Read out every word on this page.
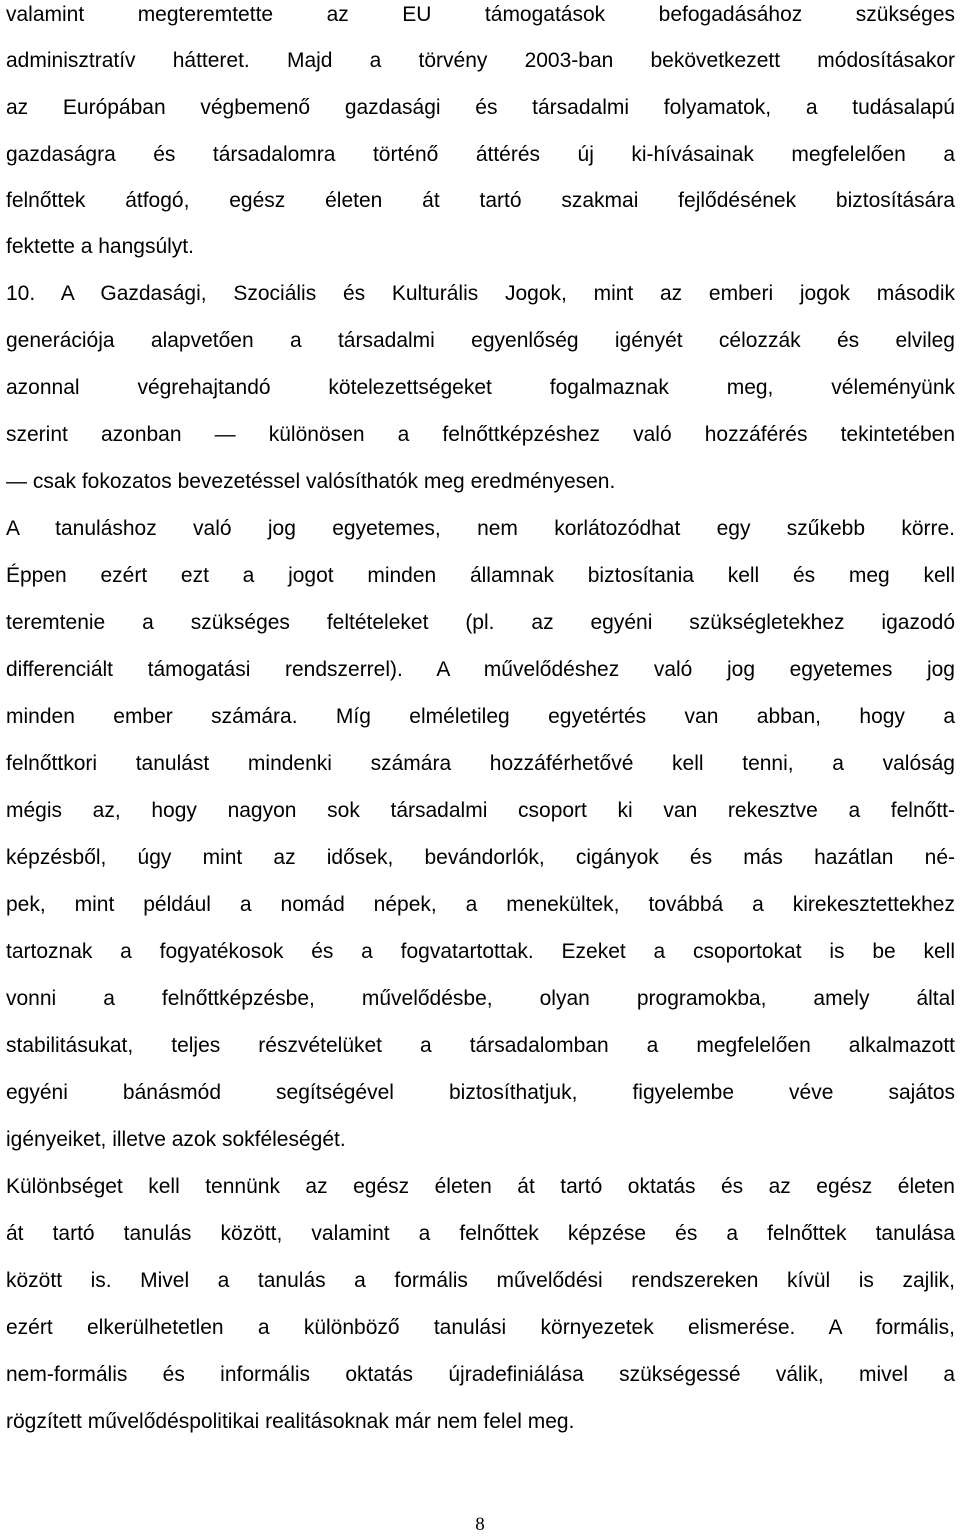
valamint megteremtette az EU támogatások befogadásához szükséges
adminisztratív hátteret. Majd a törvény 2003-ban bekövetkezett módosításakor
az Európában végbemenő gazdasági és társadalmi folyamatok, a tudásalapú
gazdaságra és társadalomra történő áttérés új ki-hívásainak megfelelően a
felnőttek átfogó, egész életen át tartó szakmai fejlődésének biztosítására
fektette a hangsúlyt.
10. A Gazdasági, Szociális és Kulturális Jogok, mint az emberi jogok második
generációja alapvetően a társadalmi egyenlőség igényét célozzák és elvileg
azonnal végrehajtandó kötelezettségeket fogalmaznak meg, véleményünk
szerint azonban — különösen a felnőttképzéshez való hozzáférés tekintetében
— csak fokozatos bevezetéssel valósíthatók meg eredményesen.
A tanuláshoz való jog egyetemes, nem korlátozódhat egy szűkebb körre.
Éppen ezért ezt a jogot minden államnak biztosítania kell és meg kell
teremtenie a szükséges feltételeket (pl. az egyéni szükségletekhez igazodó
differenciált támogatási rendszerrel). A művelődéshez való jog egyetemes jog
minden ember számára. Míg elméletileg egyetértés van abban, hogy a
felnőttkori tanulást mindenki számára hozzáférhetővé kell tenni, a valóság
mégis az, hogy nagyon sok társadalmi csoport ki van rekesztve a felnőtt-
képzésből, úgy mint az idősek, bevándorlók, cigányok és más hazátlan né-
pek, mint például a nomád népek, a menekültek, továbbá a kirekesztettekhez
tartoznak a fogyatékosok és a fogvatartottak. Ezeket a csoportokat is be kell
vonni a felnőttképzésbe, művelődésbe, olyan programokba, amely által
stabilitásukat, teljes részvételüket a társadalomban a megfelelően alkalmazott
egyéni bánásmód segítségével biztosíthatjuk, figyelembe véve sajátos
igényeiket, illetve azok sokféleségét.
Különbséget kell tennünk az egész életen át tartó oktatás és az egész életen
át tartó tanulás között, valamint a felnőttek képzése és a felnőttek tanulása
között is. Mivel a tanulás a formális művelődési rendszereken kívül is zajlik,
ezért elkerülhetetlen a különböző tanulási környezetek elismerése. A formális,
nem-formális és informális oktatás újradefiniálása szükségessé válik, mivel a
rögzített művelődéspolitikai realitásoknak már nem felel meg.
8
